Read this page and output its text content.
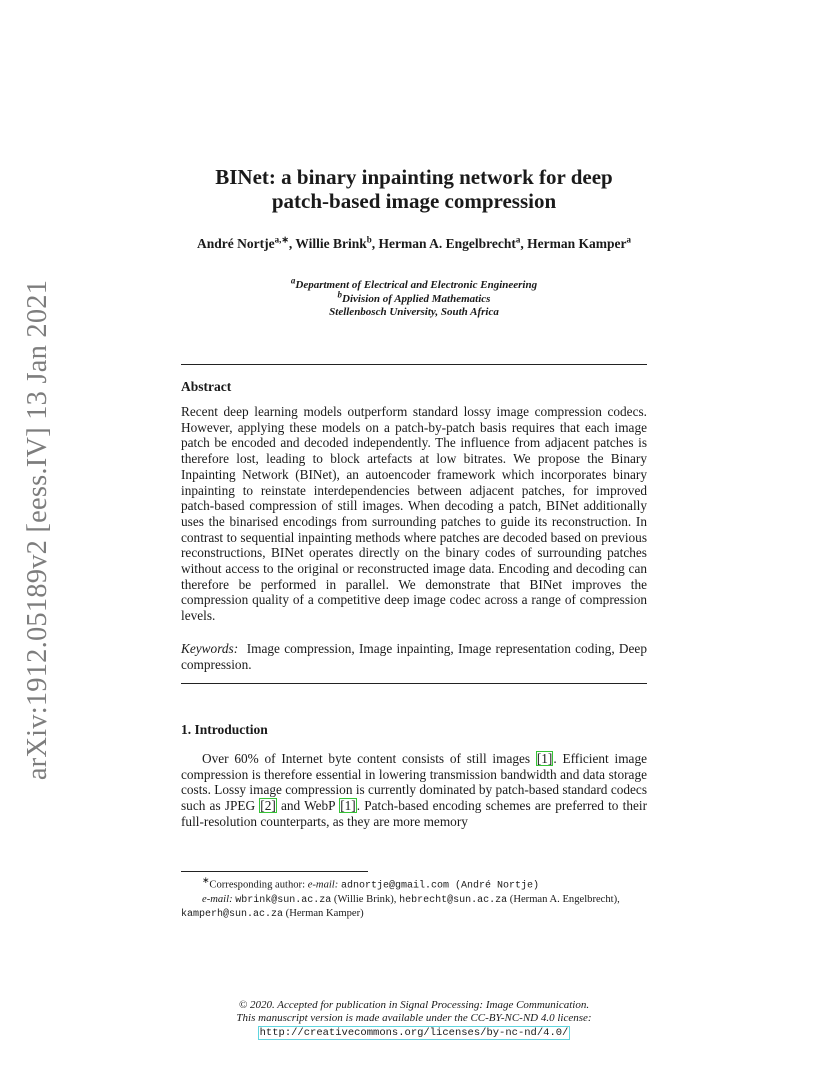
arXiv:1912.05189v2 [eess.IV] 13 Jan 2021
BINet: a binary inpainting network for deep
patch-based image compression
André Nortje$^{a,∗}$, Willie Brink$^b$, Herman A. Engelbrecht$^a$, Herman Kamper$^a$
$^a$Department of Electrical and Electronic Engineering
$^b$Division of Applied Mathematics
Stellenbosch University, South Africa
Abstract

Recent deep learning models outperform standard lossy image compression codecs. However, applying these models on a patch-by-patch basis requires that each image patch be encoded and decoded independently. The influence from adjacent patches is therefore lost, leading to block artefacts at low bitrates. We propose the Binary Inpainting Network (BINet), an autoencoder framework which incorporates binary inpainting to reinstate interdependencies between adjacent patches, for improved patch-based compression of still images. When decoding a patch, BINet additionally uses the binarised encodings from surrounding patches to guide its reconstruction. In contrast to sequential inpainting methods where patches are decoded based on previous reconstructions, BINet operates directly on the binary codes of surrounding patches without access to the original or reconstructed image data. Encoding and decoding can therefore be performed in parallel. We demonstrate that BINet improves the compression quality of a competitive deep image codec across a range of compression levels.

Keywords: Image compression, Image inpainting, Image representation coding, Deep compression.

1. Introduction

Over 60% of Internet byte content consists of still images [1]. Efficient image compression is therefore essential in lowering transmission bandwidth and data storage costs. Lossy image compression is currently dominated by patch-based standard codecs such as JPEG [2] and WebP [1]. Patch-based encoding schemes are preferred to their full-resolution counterparts, as they are more memory

∗Corresponding author: e-mail: adnortje@gmail.com (André Nortje)
e-mail: wbrink@sun.ac.za (Willie Brink), hebrecht@sun.ac.za (Herman A. Engelbrecht), kamperh@sun.ac.za (Herman Kamper)
© 2020. Accepted for publication in Signal Processing: Image Communication.
This manuscript version is made available under the CC-BY-NC-ND 4.0 license:
http://creativecommons.org/licenses/by-nc-nd/4.0/
